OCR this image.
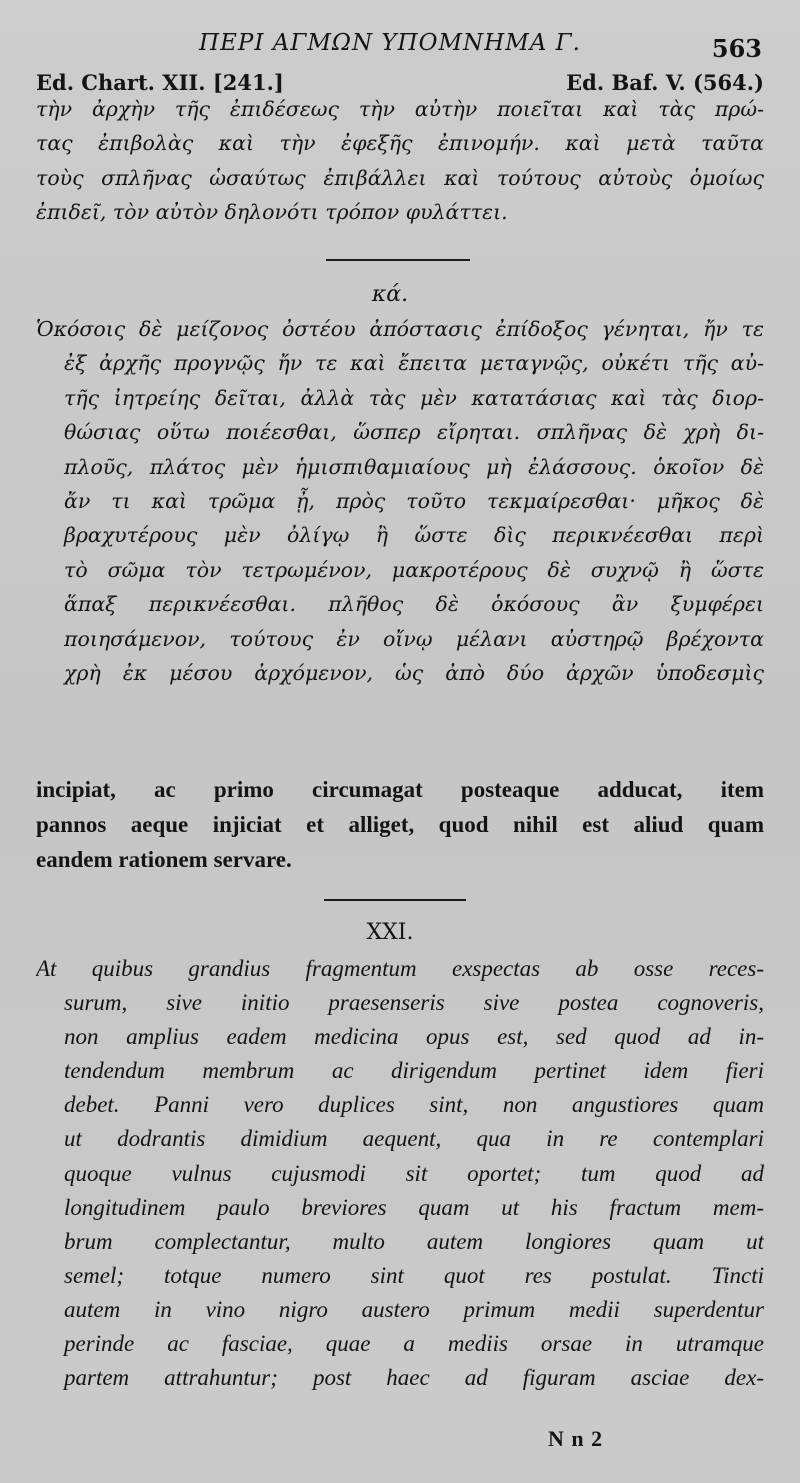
ΠΕΡΙ ΑΓΜΩΝ ΥΠΟΜΝΗΜΑ Γ.	563
Ed. Chart. XII. [241.]	Ed. Baf. V. (564.)
τὴν ἀρχὴν τῆς ἐπιδέσεως τὴν αὐτὴν ποιεῖται καὶ τὰς πρώ-
τας ἐπιβολὰς καὶ τὴν ἐφεξῆς ἐπινομήν. καὶ μετὰ ταῦτα
τοὺς σπλῆνας ὡσαύτως ἐπιβάλλει καὶ τούτους αὐτοὺς ὁμοίως
ἐπιδεῖ, τὸν αὐτὸν δηλονότι τρόπον φυλάττει.
κά.
Ὁκόσοις δὲ μείζονος ὀστέου ἀπόστασις ἐπίδοξος γένηται, ἤν τε
ἐξ ἀρχῆς προγνῷς ἤν τε καὶ ἔπειτα μεταγνῷς, οὐκέτι τῆς αὐ-
τῆς ἰητρείης δεῖται, ἀλλὰ τὰς μὲν κατατάσιας καὶ τὰς διορ-
θώσιας οὕτω ποιέεσθαι, ὥσπερ εἴρηται. σπλῆνας δὲ χρὴ δι-
πλοῦς, πλάτος μὲν ἡμισπιθαμιαίους μὴ ἐλάσσους. ὁκοῖον δὲ
ἄν τι καὶ τρῶμα ᾖ, πρὸς τοῦτο τεκμαίρεσθαι· μῆκος δὲ
βραχυτέρους μὲν ὀλίγῳ ἢ ὥστε δὶς περικνέεσθαι περὶ
τὸ σῶμα τὸν τετρωμένον, μακροτέρους δὲ συχνῷ ἢ ὥστε
ἅπαξ περικνέεσθαι. πλῆθος δὲ ὁκόσους ἂν ξυμφέρει
ποιησάμενον, τούτους ἐν οἴνῳ μέλανι αὐστηρῷ βρέχοντα
χρὴ ἐκ μέσου ἀρχόμενον, ὡς ἀπὸ δύο ἀρχῶν ὑποδεσμὶς
incipiat, ac primo circumagat posteaque adducat, item
pannos aeque injiciat et alliget, quod nihil est aliud quam
eandem rationem servare.
XXI.
At quibus grandius fragmentum exspectas ab osse reces-
surum, sive initio praesenseris sive postea cognoveris,
non amplius eadem medicina opus est, sed quod ad in-
tendendum membrum ac dirigendum pertinet idem fieri
debet. Panni vero duplices sint, non angustiores quam
ut dodrantis dimidium aequent, qua in re contemplari
quoque vulnus cujusmodi sit oportet; tum quod ad
longitudinem paulo breviores quam ut his fractum mem-
brum complectantur, multo autem longiores quam ut
semel; totque numero sint quot res postulat. Tincti
autem in vino nigro austero primum medii superdentur
perinde ac fasciae, quae a mediis orsae in utramque
partem attrahuntur; post haec ad figuram asciae dex-
N n 2
